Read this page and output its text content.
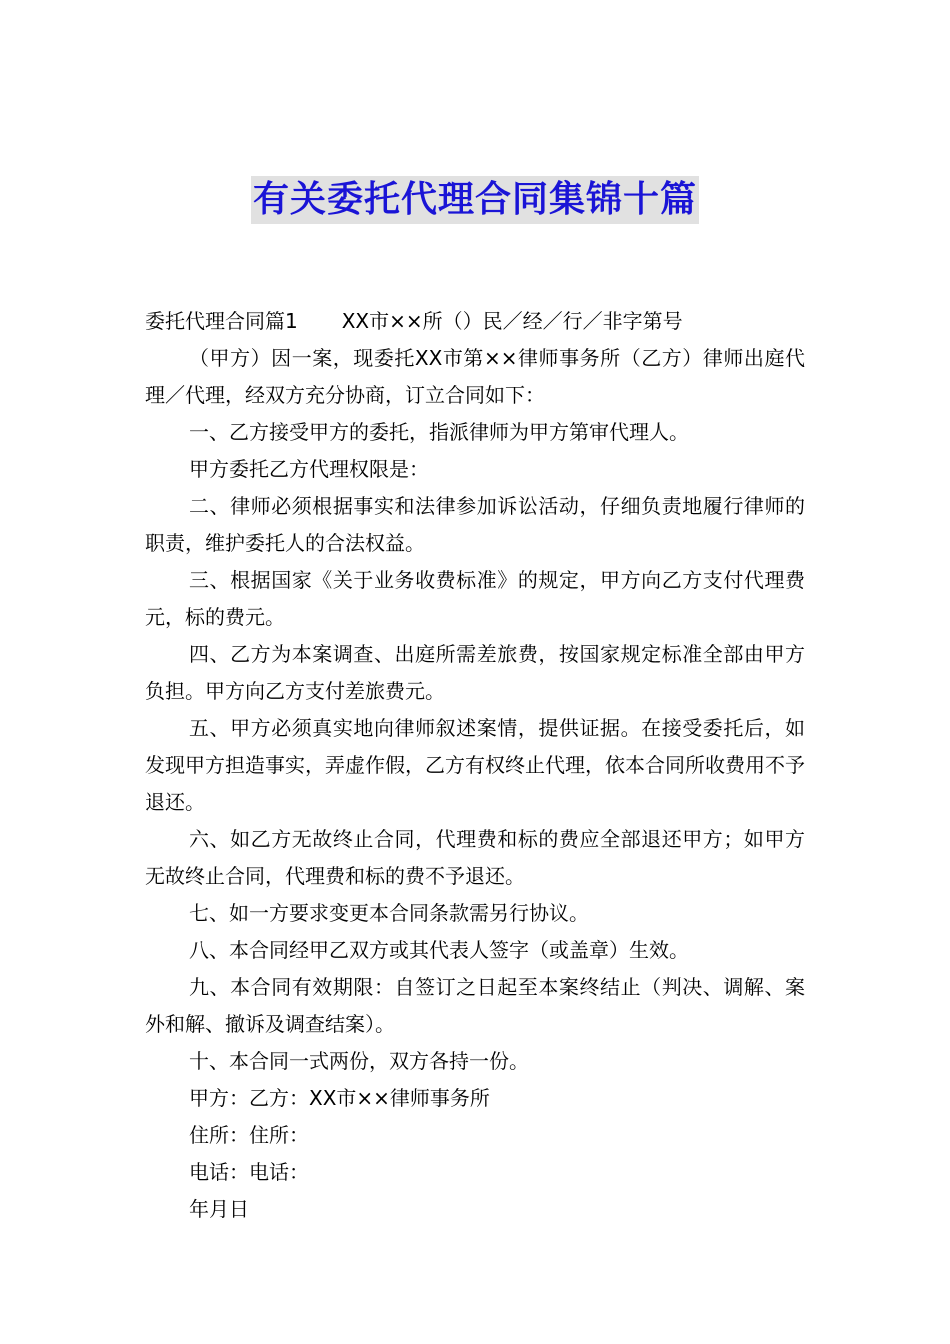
有关委托代理合同集锦十篇

委托代理合同篇1 XX市××所（）民／经／行／非字第号

（甲方）因一案，现委托XX市第××律师事务所（乙方）律师出庭代理／代理，经双方充分协商，订立合同如下：

一、乙方接受甲方的委托，指派律师为甲方第审代理人。

甲方委托乙方代理权限是：

二、律师必须根据事实和法律参加诉讼活动，仔细负责地履行律师的职责，维护委托人的合法权益。

三、根据国家《关于业务收费标准》的规定，甲方向乙方支付代理费元，标的费元。

四、乙方为本案调查、出庭所需差旅费，按国家规定标准全部由甲方负担。甲方向乙方支付差旅费元。

五、甲方必须真实地向律师叙述案情，提供证据。在接受委托后，如发现甲方担造事实，弄虚作假，乙方有权终止代理，依本合同所收费用不予退还。

六、如乙方无故终止合同，代理费和标的费应全部退还甲方；如甲方无故终止合同，代理费和标的费不予退还。

七、如一方要求变更本合同条款需另行协议。

八、本合同经甲乙双方或其代表人签字（或盖章）生效。

九、本合同有效期限：自签订之日起至本案终结止（判决、调解、案外和解、撤诉及调查结案）。

十、本合同一式两份，双方各持一份。

甲方：乙方：XX市××律师事务所

住所：住所：

电话：电话：

年月日
